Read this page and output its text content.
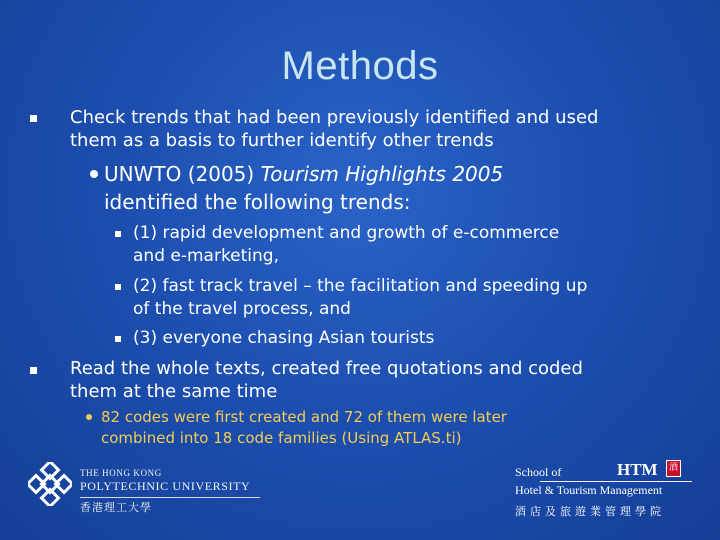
Methods
Check trends that had been previously identified and used
them as a basis to further identify other trends
UNWTO (2005) Tourism Highlights 2005
identified the following trends:
(1) rapid development and growth of e-commerce
and e-marketing,
(2) fast track travel – the facilitation and speeding up
of the travel process, and
(3) everyone chasing Asian tourists
Read the whole texts, created free quotations and coded
them at the same time
82 codes were first created and 72 of them were later
combined into 18 code families (Using ATLAS.ti)
THE HONG KONG
POLYTECHNIC UNIVERSITY
香港理工大學
School of
Hotel & Tourism Management
酒店及旅遊業管理學院
HTM	酒
